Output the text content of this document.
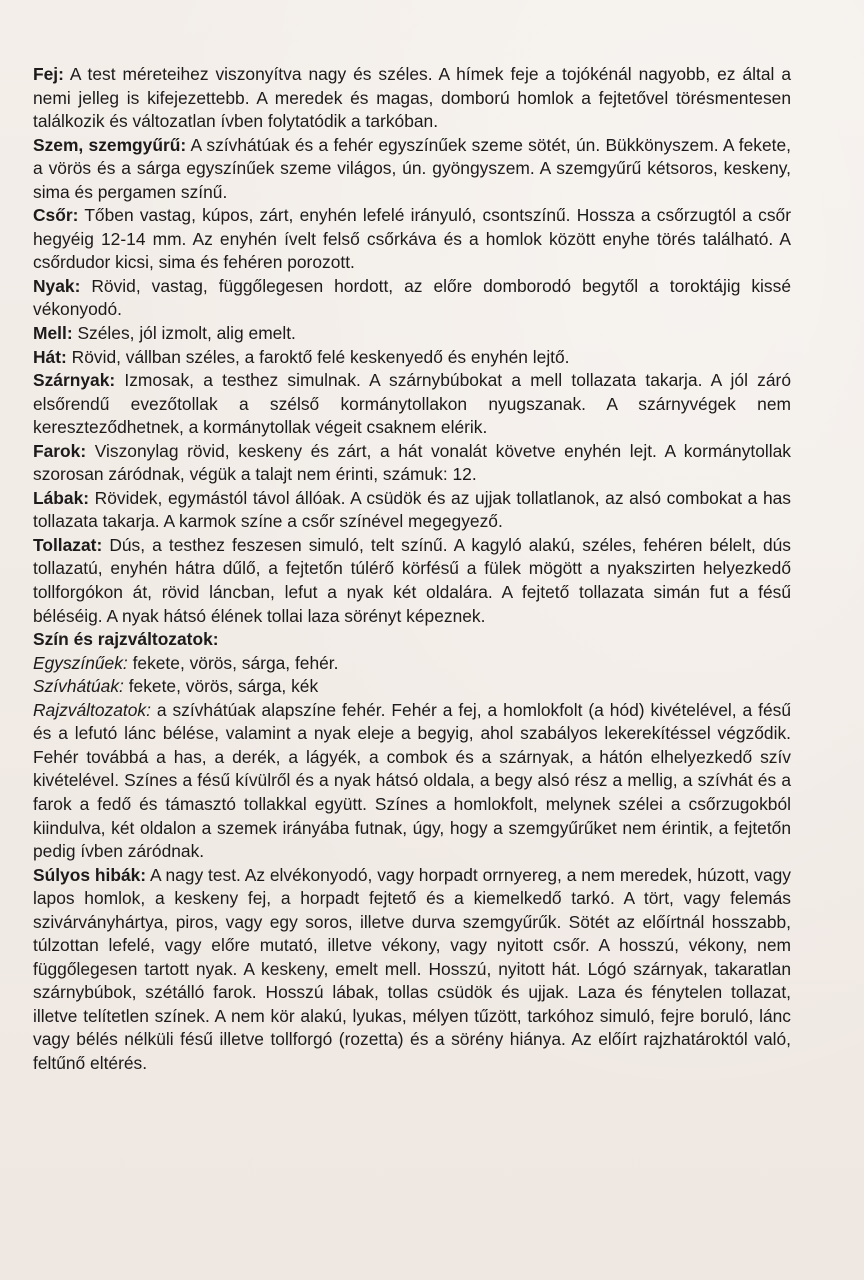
Fej: A test méreteihez viszonyítva nagy és széles. A hímek feje a tojókénál nagyobb, ez által a nemi jelleg is kifejezettebb. A meredek és magas, domború homlok a fejtetővel törésmentesen találkozik és változatlan ívben folytatódik a tarkóban.

Szem, szemgyűrű: A szívhátúak és a fehér egyszínűek szeme sötét, ún. Bükkönyszem. A fekete, a vörös és a sárga egyszínűek szeme világos, ún. gyöngyszem. A szemgyűrű kétsoros, keskeny, sima és pergamen színű.

Csőr: Tőben vastag, kúpos, zárt, enyhén lefelé irányuló, csontszínű. Hossza a csőrzugtól a csőr hegyéig 12-14 mm. Az enyhén ívelt felső csőrkáva és a homlok között enyhe törés található. A csőrdudor kicsi, sima és fehéren porozott.

Nyak: Rövid, vastag, függőlegesen hordott, az előre domborodó begytől a toroktájig kissé vékonyodó.

Mell: Széles, jól izmolt, alig emelt.

Hát: Rövid, vállban széles, a faroktő felé keskenyedő és enyhén lejtő.

Szárnyak: Izmosak, a testhez simulnak. A szárnybúbokat a mell tollazata takarja. A jól záró elsőrendű evezőtollak a szélső kormánytollakon nyugszanak. A szárnyvégek nem kereszteződhetnek, a kormánytollak végeit csaknem elérik.

Farok: Viszonylag rövid, keskeny és zárt, a hát vonalát követve enyhén lejt. A kormánytollak szorosan záródnak, végük a talajt nem érinti, számuk: 12.

Lábak: Rövidek, egymástól távol állóak. A csüdök és az ujjak tollatlanok, az alsó combokat a has tollazata takarja. A karmok színe a csőr színével megegyező.

Tollazat: Dús, a testhez feszesen simuló, telt színű. A kagyló alakú, széles, fehéren bélelt, dús tollazatú, enyhén hátra dűlő, a fejtetőn túlérő körfésű a fülek mögött a nyakszirten helyezkedő tollforgókon át, rövid láncban, lefut a nyak két oldalára. A fejtető tollazata simán fut a fésű béléséig. A nyak hátsó élének tollai laza sörényt képeznek.

Szín és rajzváltozatok:

Egyszínűek: fekete, vörös, sárga, fehér.

Szívhátúak: fekete, vörös, sárga, kék

Rajzváltozatok: a szívhátúak alapszíne fehér. Fehér a fej, a homlokfolt (a hód) kivételével, a fésű és a lefutó lánc bélése, valamint a nyak eleje a begyig, ahol szabályos lekerekítéssel végződik. Fehér továbbá a has, a derék, a lágyék, a combok és a szárnyak, a hátón elhelyezkedő szív kivételével. Színes a fésű kívülről és a nyak hátsó oldala, a begy alsó rész a mellig, a szívhát és a farok a fedő és támasztó tollakkal együtt. Színes a homlokfolt, melynek szélei a csőrzugokból kiindulva, két oldalon a szemek irányába futnak, úgy, hogy a szemgyűrűket nem érintik, a fejtetőn pedig ívben záródnak.

Súlyos hibák: A nagy test. Az elvékonyodó, vagy horpadt orrnyereg, a nem meredek, húzott, vagy lapos homlok, a keskeny fej, a horpadt fejtető és a kiemelkedő tarkó. A tört, vagy felemás szivárványhártya, piros, vagy egy soros, illetve durva szemgyűrűk. Sötét az előírtnál hosszabb, túlzottan lefelé, vagy előre mutató, illetve vékony, vagy nyitott csőr. A hosszú, vékony, nem függőlegesen tartott nyak. A keskeny, emelt mell. Hosszú, nyitott hát. Lógó szárnyak, takaratlan szárnybúbok, szétálló farok. Hosszú lábak, tollas csüdök és ujjak. Laza és fénytelen tollazat, illetve telítetlen színek. A nem kör alakú, lyukas, mélyen tűzött, tarkóhoz simuló, fejre boruló, lánc vagy bélés nélküli fésű illetve tollforgó (rozetta) és a sörény hiánya. Az előírt rajzhatároktól való, feltűnő eltérés.
